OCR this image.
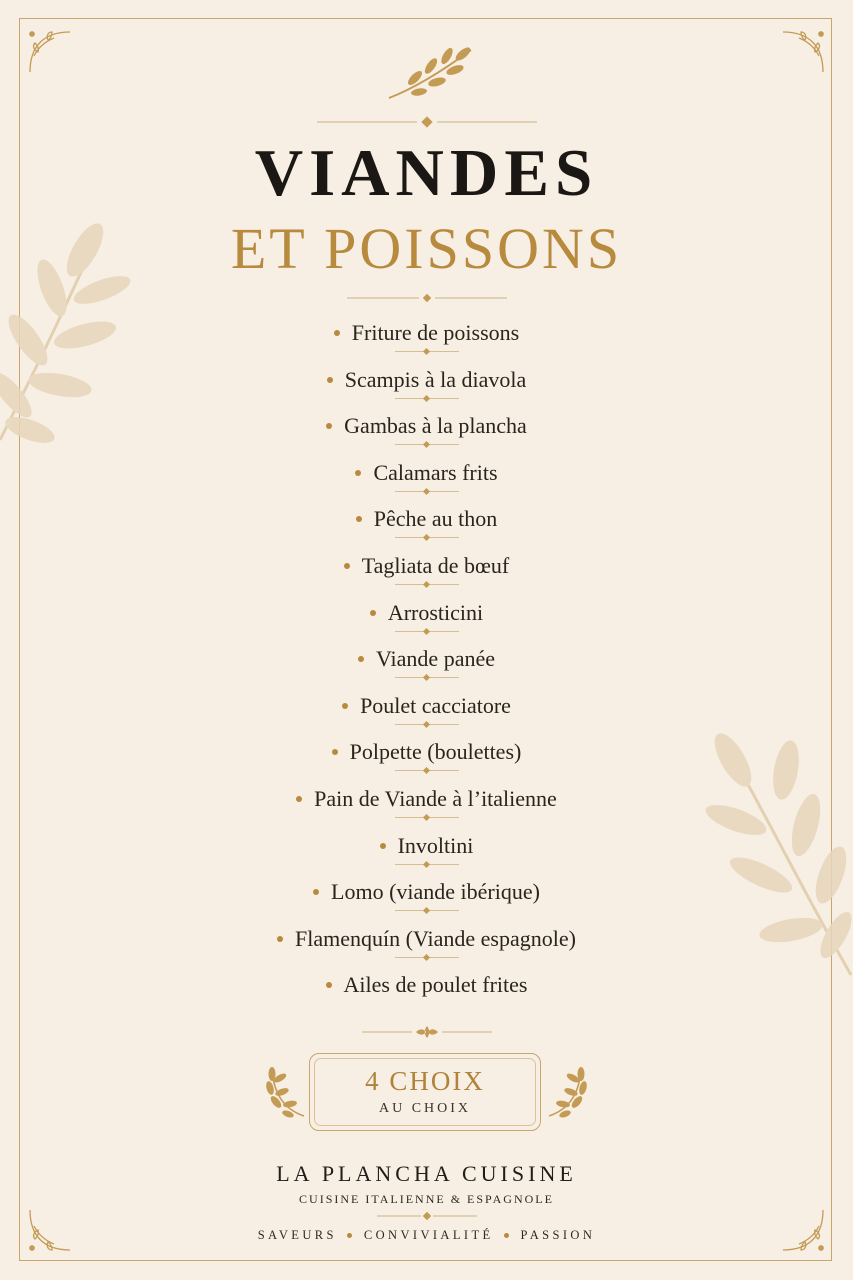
VIANDES
ET POISSONS
Friture de poissons
Scampis à la diavola
Gambas à la plancha
Calamars frits
Pêche au thon
Tagliata de bœuf
Arrosticini
Viande panée
Poulet cacciatore
Polpette (boulettes)
Pain de Viande à l’italienne
Involtini
Lomo (viande ibérique)
Flamenquín (Viande espagnole)
Ailes de poulet frites
4 CHOIX
AU CHOIX
LA PLANCHA CUISINE
CUISINE ITALIENNE & ESPAGNOLE
SAVEURS CONVIVIALITÉ PASSION
